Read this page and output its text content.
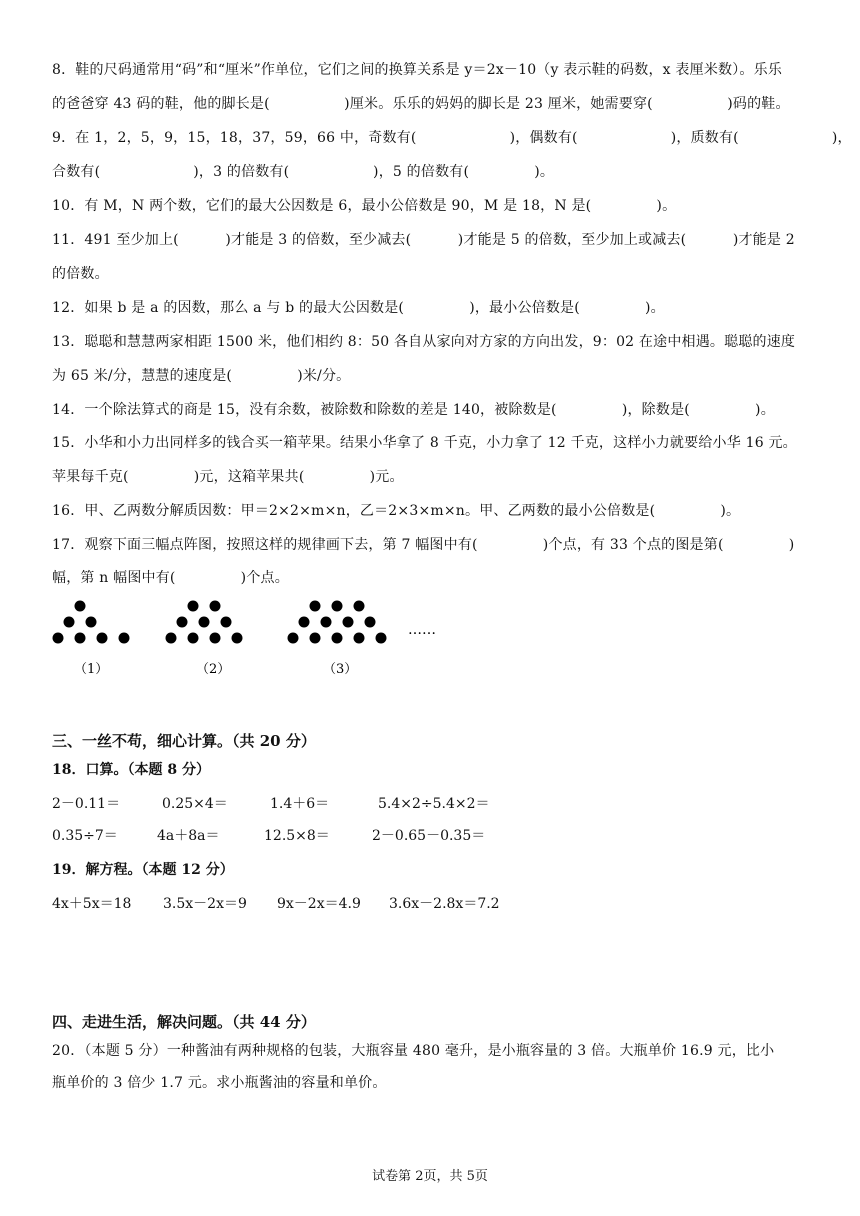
8．鞋的尺码通常用“码”和“厘米”作单位，它们之间的换算关系是 y＝2x－10（y 表示鞋的码数，x 表厘米数）。乐乐
的爸爸穿 43 码的鞋，他的脚长是(                )厘米。乐乐的妈妈的脚长是 23 厘米，她需要穿(                )码的鞋。
9．在 1，2，5，9，15，18，37，59，66 中，奇数有(                    )，偶数有(                    )，质数有(                    )，
合数有(                    )，3 的倍数有(                  )，5 的倍数有(              )。
10．有 M，N 两个数，它们的最大公因数是 6，最小公倍数是 90，M 是 18，N 是(              )。
11．491 至少加上(          )才能是 3 的倍数，至少减去(          )才能是 5 的倍数，至少加上或减去(          )才能是 2
的倍数。
12．如果 b 是 a 的因数，那么 a 与 b 的最大公因数是(              )，最小公倍数是(              )。
13．聪聪和慧慧两家相距 1500 米，他们相约 8：50 各自从家向对方家的方向出发，9：02 在途中相遇。聪聪的速度
为 65 米/分，慧慧的速度是(              )米/分。
14．一个除法算式的商是 15，没有余数，被除数和除数的差是 140，被除数是(              )，除数是(              )。
15．小华和小力出同样多的钱合买一箱苹果。结果小华拿了 8 千克，小力拿了 12 千克，这样小力就要给小华 16 元。
苹果每千克(              )元，这箱苹果共(              )元。
16．甲、乙两数分解质因数：甲＝2×2×m×n，乙＝2×3×m×n。甲、乙两数的最小公倍数是(              )。
17．观察下面三幅点阵图，按照这样的规律画下去，第 7 幅图中有(              )个点，有 33 个点的图是第(              )
幅，第 n 幅图中有(              )个点。
……
（1）	（2）	（3）
三、一丝不苟，细心计算。（共 20 分）
18．口算。（本题 8 分）
2－0.11＝	0.25×4＝	1.4＋6＝	5.4×2÷5.4×2＝
0.35÷7＝	4a＋8a＝	12.5×8＝	2－0.65－0.35＝
19．解方程。（本题 12 分）
4x＋5x＝18 3.5x－2x＝9 9x－2x＝4.9 3.6x－2.8x＝7.2
四、走进生活，解决问题。（共 44 分）
20．（本题 5 分）一种酱油有两种规格的包装，大瓶容量 480 毫升，是小瓶容量的 3 倍。大瓶单价 16.9 元，比小
瓶单价的 3 倍少 1.7 元。求小瓶酱油的容量和单价。
试卷第 2页，共 5页
